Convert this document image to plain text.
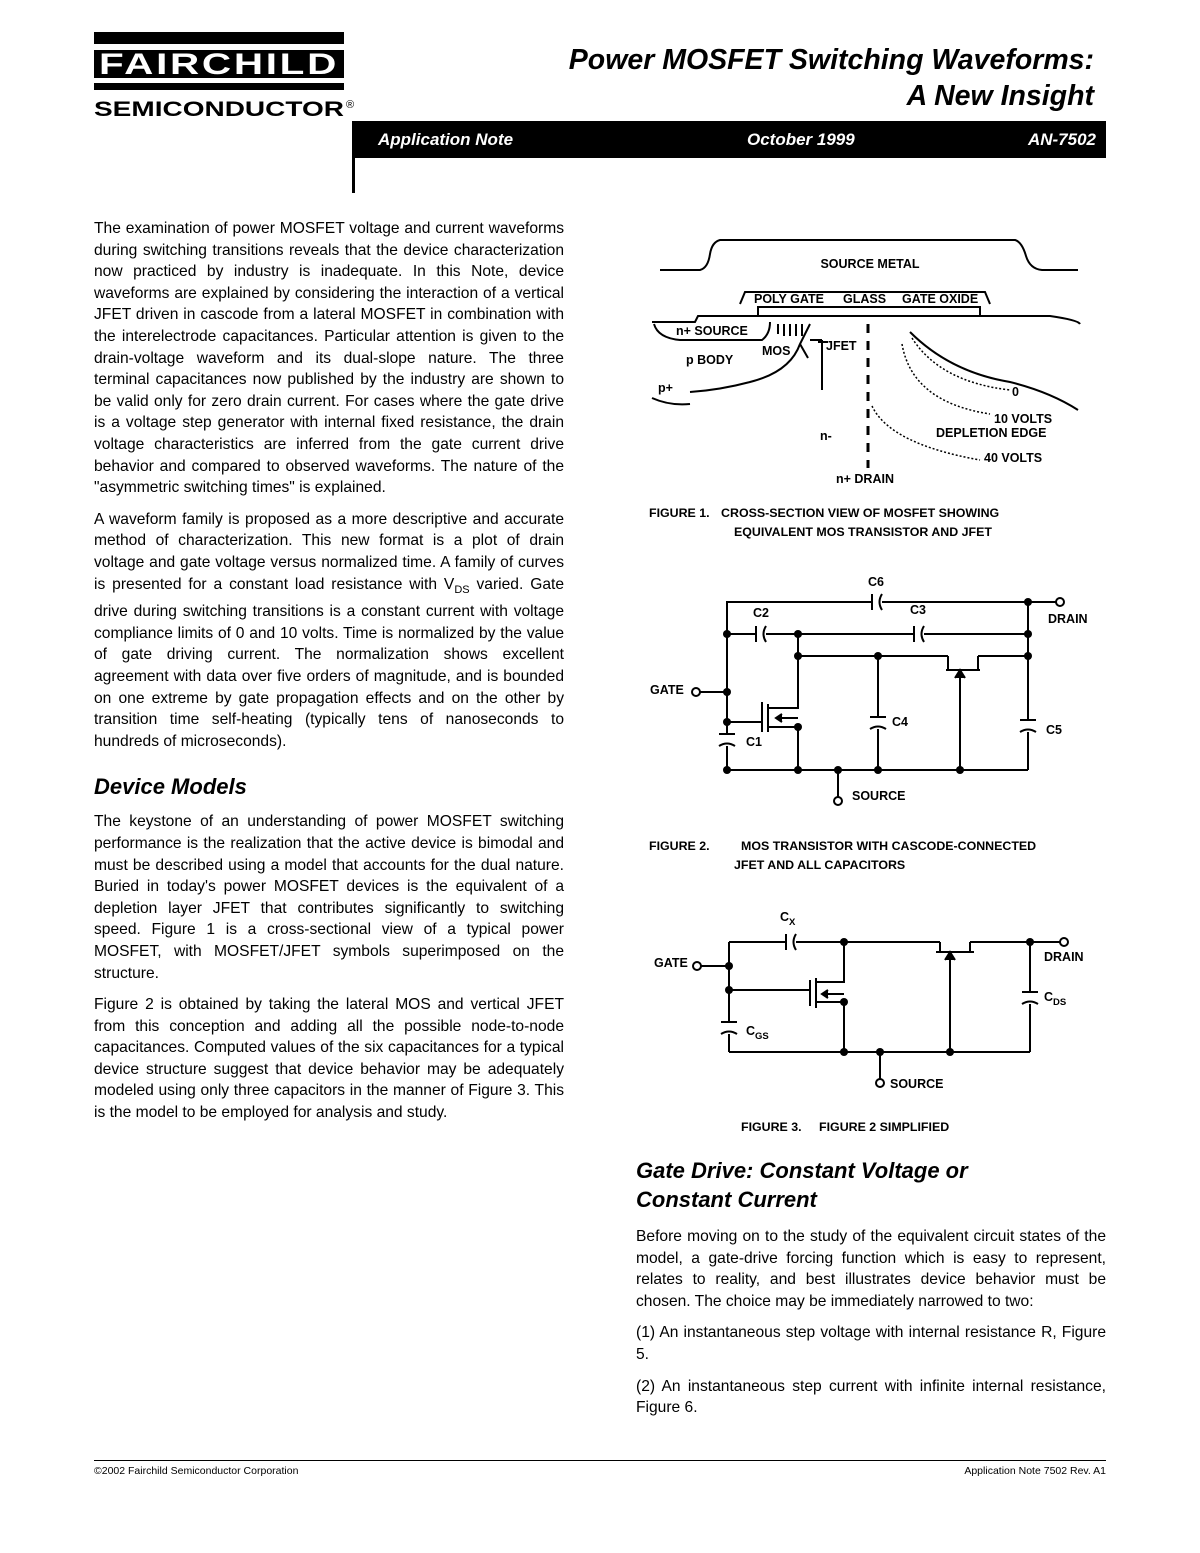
FAIRCHILD
SEMICONDUCTOR ®
Power MOSFET Switching Waveforms:
A New Insight
Application Note	October 1999	AN-7502

The examination of power MOSFET voltage and current waveforms during switching transitions reveals that the device characterization now practiced by industry is inadequate. In this Note, device waveforms are explained by considering the interaction of a vertical JFET driven in cascode from a lateral MOSFET in combination with the interelectrode capacitances. Particular attention is given to the drain-voltage waveform and its dual-slope nature. The three terminal capacitances now published by the industry are shown to be valid only for zero drain current. For cases where the gate drive is a voltage step generator with internal fixed resistance, the drain voltage characteristics are inferred from the gate current drive behavior and compared to observed waveforms. The nature of the "asymmetric switching times" is explained.

A waveform family is proposed as a more descriptive and accurate method of characterization. This new format is a plot of drain voltage and gate voltage versus normalized time. A family of curves is presented for a constant load resistance with $V_{DS}$ varied. Gate drive during switching transitions is a constant current with voltage compliance limits of 0 and 10 volts. Time is normalized by the value of gate driving current. The normalization shows excellent agreement with data over five orders of magnitude, and is bounded on one extreme by gate propagation effects and on the other by transition time self-heating (typically tens of nanoseconds to hundreds of microseconds).

Device Models

The keystone of an understanding of power MOSFET switching performance is the realization that the active device is bimodal and must be described using a model that accounts for the dual nature. Buried in today's power MOSFET devices is the equivalent of a depletion layer JFET that contributes significantly to switching speed. Figure 1 is a cross-sectional view of a typical power MOSFET, with MOSFET/JFET symbols superimposed on the structure.

Figure 2 is obtained by taking the lateral MOS and vertical JFET from this conception and adding all the possible node-to-node capacitances. Computed values of the six capacitances for a typical device structure suggest that device behavior may be adequately modeled using only three capacitors in the manner of Figure 3. This is the model to be employed for analysis and study.

SOURCE METAL
POLY GATE GLASS GATE OXIDE
n+ SOURCE
MOS	JFET
p BODY
p+
n-
n+ DRAIN
0
10 VOLTS
DEPLETION EDGE
40 VOLTS
FIGURE 1. CROSS-SECTION VIEW OF MOSFET SHOWING
EQUIVALENT MOS TRANSISTOR AND JFET
C6
C2	C3
DRAIN
GATE
C4
C5
C1
SOURCE
FIGURE 2.	MOS TRANSISTOR WITH CASCODE-CONNECTED
JFET AND ALL CAPACITORS
$C_X$
GATE	DRAIN
$C_{DS}$
$C_{GS}$
SOURCE
FIGURE 3. FIGURE 2 SIMPLIFIED
Gate Drive: Constant Voltage or
Constant Current

Before moving on to the study of the equivalent circuit states of the model, a gate-drive forcing function which is easy to represent, relates to reality, and best illustrates device behavior must be chosen. The choice may be immediately narrowed to two:

(1) An instantaneous step voltage with internal resistance R, Figure 5.

(2) An instantaneous step current with infinite internal resistance, Figure 6.

©2002 Fairchild Semiconductor Corporation	Application Note 7502 Rev. A1
